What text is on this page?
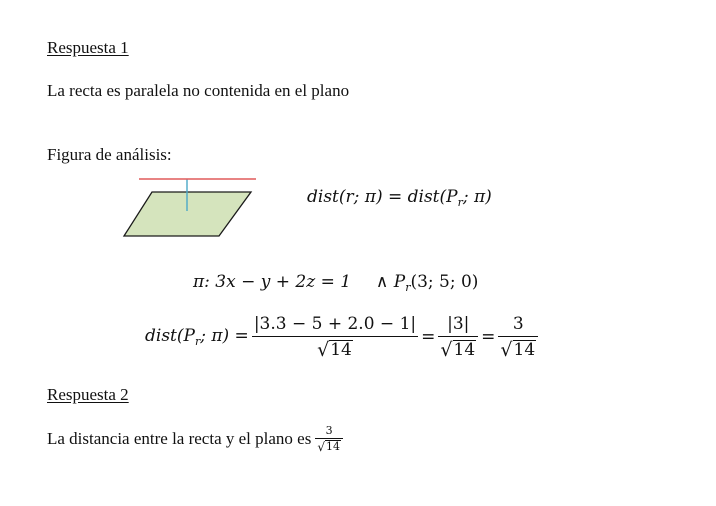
Respuesta 1
La recta es paralela no contenida en el plano
Figura de análisis:
dist(r; $\pi) = dist(P_r$; π)
π: 3x − y + 2z = 1 ∧ $P_r(3$; 5; 0)
$dist(P_r$; $\pi) = \frac{|3.3 - 5 + 2.0 - 1|}{√ 14} = \frac{|3|}{√ 14} = \frac{3}{√ 14}$
Respuesta 2
La distancia entre la recta y el plano es $\frac{3}{√ 14}$
